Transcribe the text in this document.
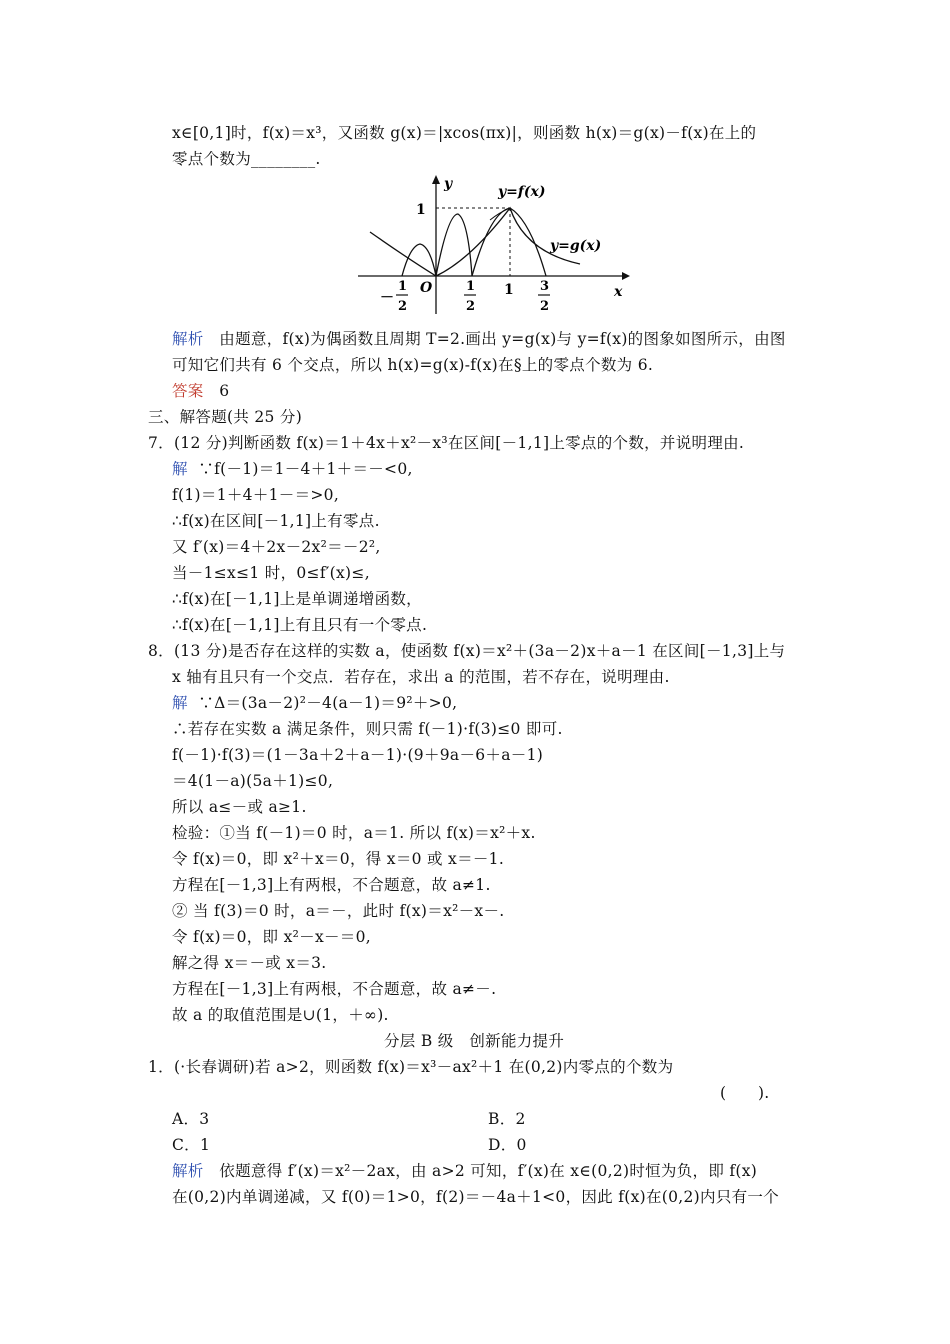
x∈[0,1]时，f(x)＝x³，又函数 g(x)＝|xcos(πx)|，则函数 h(x)＝g(x)－f(x)在上的
零点个数为________.
y=f(x)
y=g(x)
y
x
O
1
1
－
1
2
1
2
3
2
解析 由题意，f(x)为偶函数且周期 T=2.画出 y=g(x)与 y=f(x)的图象如图所示，由图
可知它们共有 6 个交点，所以 h(x)=g(x)-f(x)在§上的零点个数为 6.
答案 6
三、解答题(共 25 分)
7．(12 分)判断函数 f(x)＝1＋4x＋x²－x³在区间[－1,1]上零点的个数，并说明理由.
解 ∵f(－1)＝1－4＋1＋＝－<0,
f(1)＝1＋4＋1－＝>0,
∴f(x)在区间[－1,1]上有零点.
又 f′(x)＝4＋2x－2x²＝－2²,
当－1≤x≤1 时，0≤f′(x)≤,
∴f(x)在[－1,1]上是单调递增函数，
∴f(x)在[－1,1]上有且只有一个零点.
8．(13 分)是否存在这样的实数 a，使函数 f(x)＝x²＋(3a－2)x＋a－1 在区间[－1,3]上与
x 轴有且只有一个交点．若存在，求出 a 的范围，若不存在，说明理由.
解 ∵Δ＝(3a－2)²－4(a－1)＝9²＋>0,
∴若存在实数 a 满足条件，则只需 f(－1)·f(3)≤0 即可.
f(－1)·f(3)＝(1－3a＋2＋a－1)·(9＋9a－6＋a－1)
＝4(1－a)(5a＋1)≤0,
所以 a≤－或 a≥1.
检验：①当 f(－1)＝0 时，a＝1. 所以 f(x)＝x²＋x.
令 f(x)＝0，即 x²＋x＝0，得 x＝0 或 x＝－1.
方程在[－1,3]上有两根，不合题意，故 a≠1.
② 当 f(3)＝0 时，a＝－，此时 f(x)＝x²－x－.
令 f(x)＝0，即 x²－x－＝0,
解之得 x＝－或 x＝3.
方程在[－1,3]上有两根，不合题意，故 a≠－.
故 a 的取值范围是∪(1，＋∞).
分层 B 级　创新能力提升
1．(·长春调研)若 a>2，则函数 f(x)＝x³－ax²＋1 在(0,2)内零点的个数为
(　　).
A．3	B．2
C．1	D．0
解析 依题意得 f′(x)＝x²－2ax，由 a>2 可知，f′(x)在 x∈(0,2)时恒为负，即 f(x)
在(0,2)内单调递减，又 f(0)＝1>0，f(2)＝－4a＋1<0，因此 f(x)在(0,2)内只有一个
